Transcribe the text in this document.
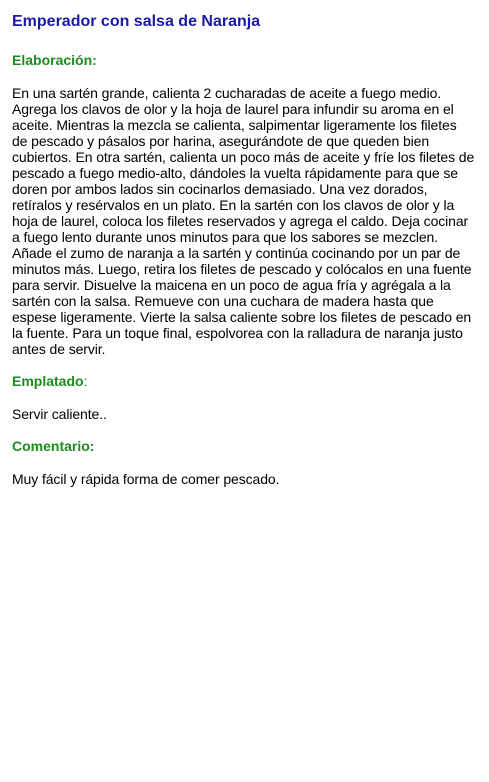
Emperador con salsa de Naranja
Elaboración:

En una sartén grande, calienta 2 cucharadas de aceite a fuego medio. Agrega los clavos de olor y la hoja de laurel para infundir su aroma en el aceite. Mientras la mezcla se calienta, salpimentar ligeramente los filetes de pescado y pásalos por harina, asegurándote de que queden bien cubiertos. En otra sartén, calienta un poco más de aceite y fríe los filetes de pescado a fuego medio-alto, dándoles la vuelta rápidamente para que se doren por ambos lados sin cocinarlos demasiado. Una vez dorados, retíralos y resérvalos en un plato. En la sartén con los clavos de olor y la hoja de laurel, coloca los filetes reservados y agrega el caldo. Deja cocinar a fuego lento durante unos minutos para que los sabores se mezclen. Añade el zumo de naranja a la sartén y continúa cocinando por un par de minutos más. Luego, retira los filetes de pescado y colócalos en una fuente para servir. Disuelve la maicena en un poco de agua fría y agrégala a la sartén con la salsa. Remueve con una cuchara de madera hasta que espese ligeramente. Vierte la salsa caliente sobre los filetes de pescado en la fuente. Para un toque final, espolvorea con la ralladura de naranja justo antes de servir.

Emplatado:

Servir caliente..

Comentario:

Muy fácil y rápida forma de comer pescado.
